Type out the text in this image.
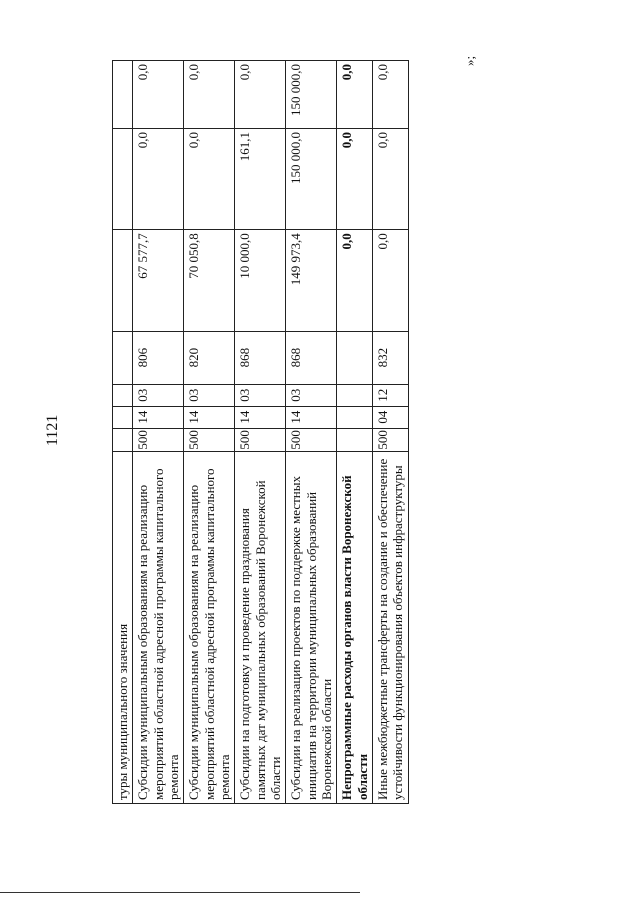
1121
туры муниципального значения							
Субсидии муниципальным образованиям на реализацию мероприятий областной адресной программы капитального ремонта	500	14	03	806	67 577,7	0,0	0,0
Субсидии муниципальным образованиям на реализацию мероприятий областной адресной программы капитального ремонта	500	14	03	820	70 050,8	0,0	0,0
Субсидии на подготовку и проведение празднования памятных дат муниципальных образований Воронежской области	500	14	03	868	10 000,0	161,1	0,0
Субсидии на реализацию проектов по поддержке местных инициатив на территории муниципальных образований Воронежской области	500	14	03	868	149 973,4	150 000,0	150 000,0
Непрограммные расходы органов власти Воронежской области					0,0	0,0	0,0
Иные межбюджетные трансферты на создание и обеспечение устойчивости функционирования объектов инфраструктуры	500	04	12	832	0,0	0,0	0,0
»;
